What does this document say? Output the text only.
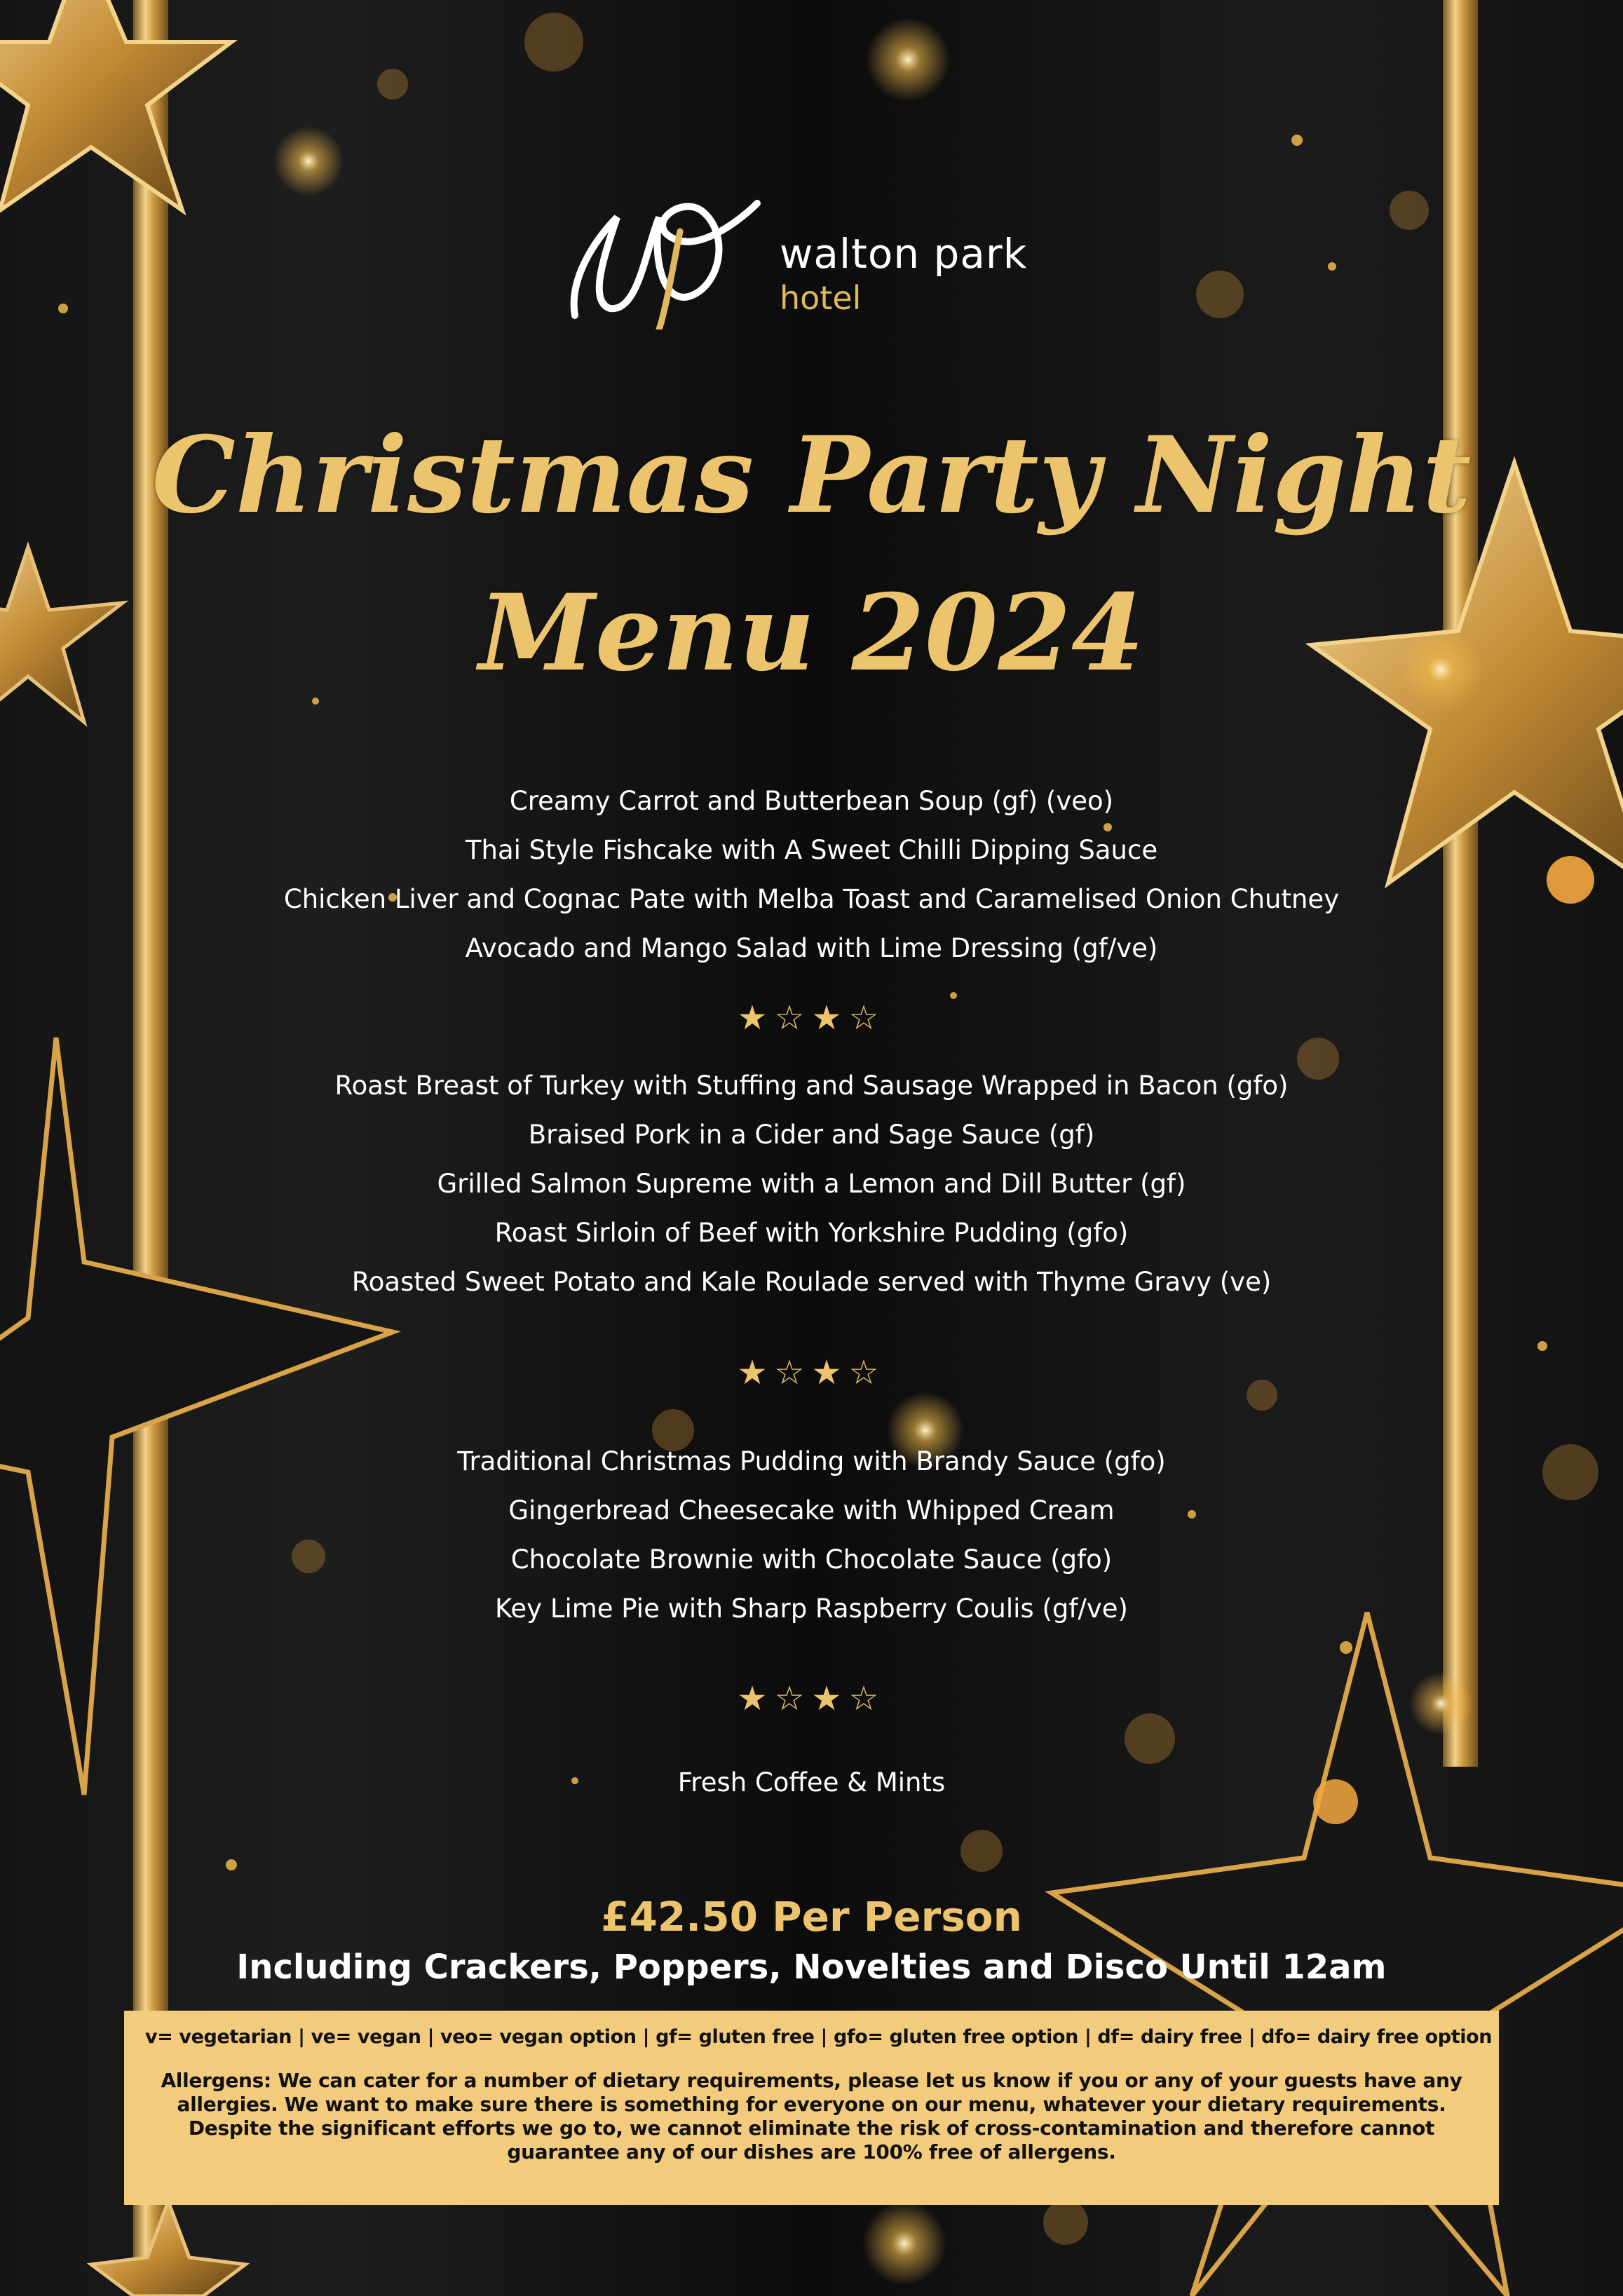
walton park
hotel
Christmas Party Night
Menu 2024
Creamy Carrot and Butterbean Soup (gf) (veo)
Thai Style Fishcake with A Sweet Chilli Dipping Sauce
Chicken Liver and Cognac Pate with Melba Toast and Caramelised Onion Chutney
Avocado and Mango Salad with Lime Dressing (gf/ve)
★☆★☆
Roast Breast of Turkey with Stuffing and Sausage Wrapped in Bacon (gfo)
Braised Pork in a Cider and Sage Sauce (gf)
Grilled Salmon Supreme with a Lemon and Dill Butter (gf)
Roast Sirloin of Beef with Yorkshire Pudding (gfo)
Roasted Sweet Potato and Kale Roulade served with Thyme Gravy (ve)
★☆★☆
Traditional Christmas Pudding with Brandy Sauce (gfo)
Gingerbread Cheesecake with Whipped Cream
Chocolate Brownie with Chocolate Sauce (gfo)
Key Lime Pie with Sharp Raspberry Coulis (gf/ve)
★☆★☆
Fresh Coffee & Mints
£42.50 Per Person
Including Crackers, Poppers, Novelties and Disco Until 12am
v= vegetarian | ve= vegan | veo= vegan option | gf= gluten free | gfo= gluten free option | df= dairy free | dfo= dairy free option
Allergens: We can cater for a number of dietary requirements, please let us know if you or any of your guests have any allergies. We want to make sure there is something for everyone on our menu, whatever your dietary requirements. Despite the significant efforts we go to, we cannot eliminate the risk of cross-contamination and therefore cannot guarantee any of our dishes are 100% free of allergens.
